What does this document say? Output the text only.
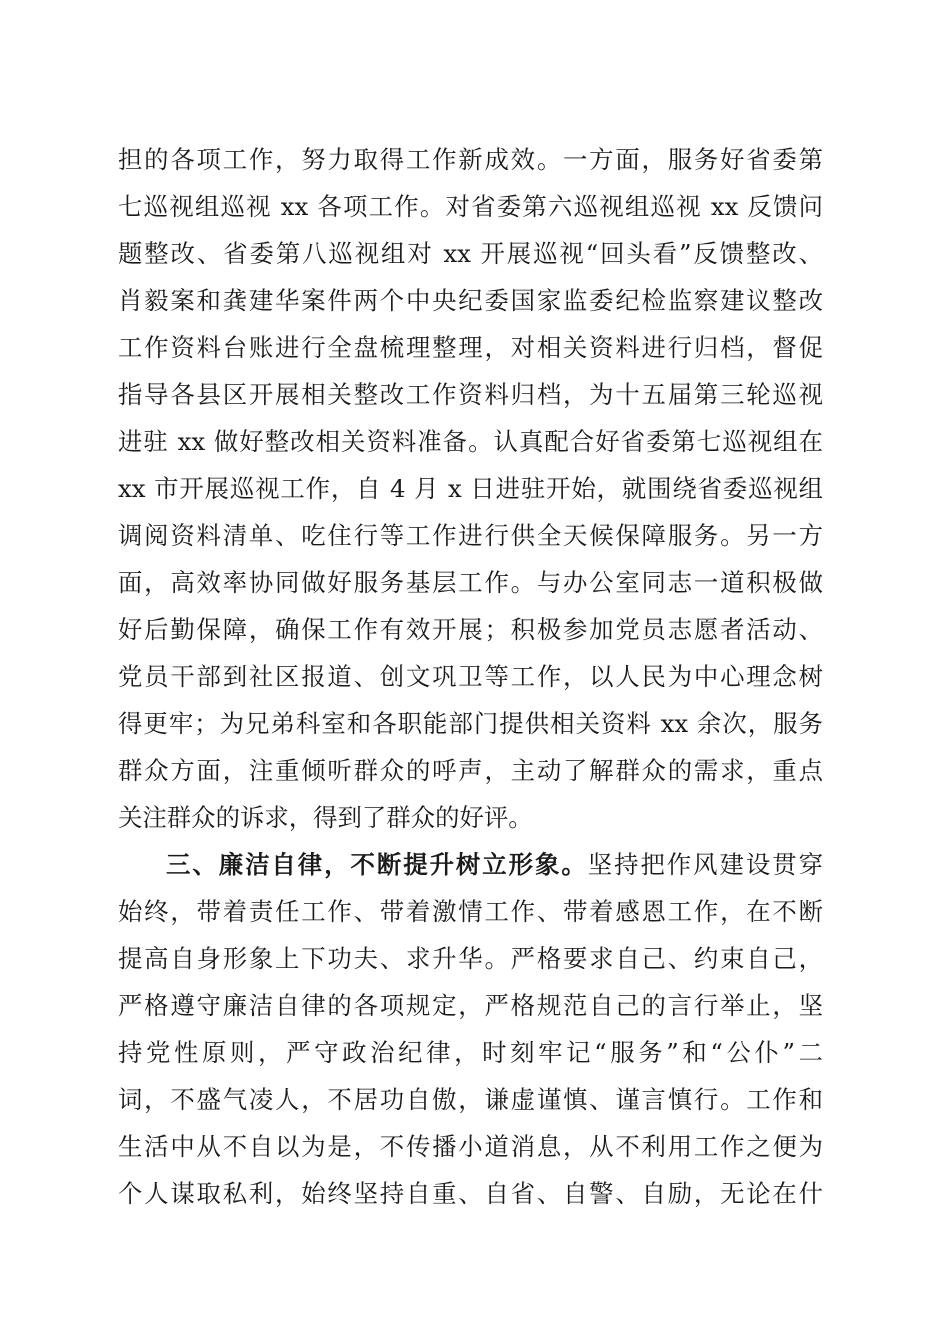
担的各项工作，努力取得工作新成效。一方面，服务好省委第
七巡视组巡视 xx 各项工作。对省委第六巡视组巡视 xx 反馈问
题整改、省委第八巡视组对 xx 开展巡视“回头看”反馈整改、
肖毅案和龚建华案件两个中央纪委国家监委纪检监察建议整改
工作资料台账进行全盘梳理整理，对相关资料进行归档，督促
指导各县区开展相关整改工作资料归档，为十五届第三轮巡视
进驻 xx 做好整改相关资料准备。认真配合好省委第七巡视组在
xx 市开展巡视工作，自 4 月 x 日进驻开始，就围绕省委巡视组
调阅资料清单、吃住行等工作进行供全天候保障服务。另一方
面，高效率协同做好服务基层工作。与办公室同志一道积极做
好后勤保障，确保工作有效开展；积极参加党员志愿者活动、
党员干部到社区报道、创文巩卫等工作，以人民为中心理念树
得更牢；为兄弟科室和各职能部门提供相关资料 xx 余次，服务
群众方面，注重倾听群众的呼声，主动了解群众的需求，重点
关注群众的诉求，得到了群众的好评。
三、廉洁自律，不断提升树立形象。坚持把作风建设贯穿
始终，带着责任工作、带着激情工作、带着感恩工作，在不断
提高自身形象上下功夫、求升华。严格要求自己、约束自己，
严格遵守廉洁自律的各项规定，严格规范自己的言行举止，坚
持党性原则，严守政治纪律，时刻牢记“服务”和“公仆”二
词，不盛气凌人，不居功自傲，谦虚谨慎、谨言慎行。工作和
生活中从不自以为是，不传播小道消息，从不利用工作之便为
个人谋取私利，始终坚持自重、自省、自警、自励，无论在什
